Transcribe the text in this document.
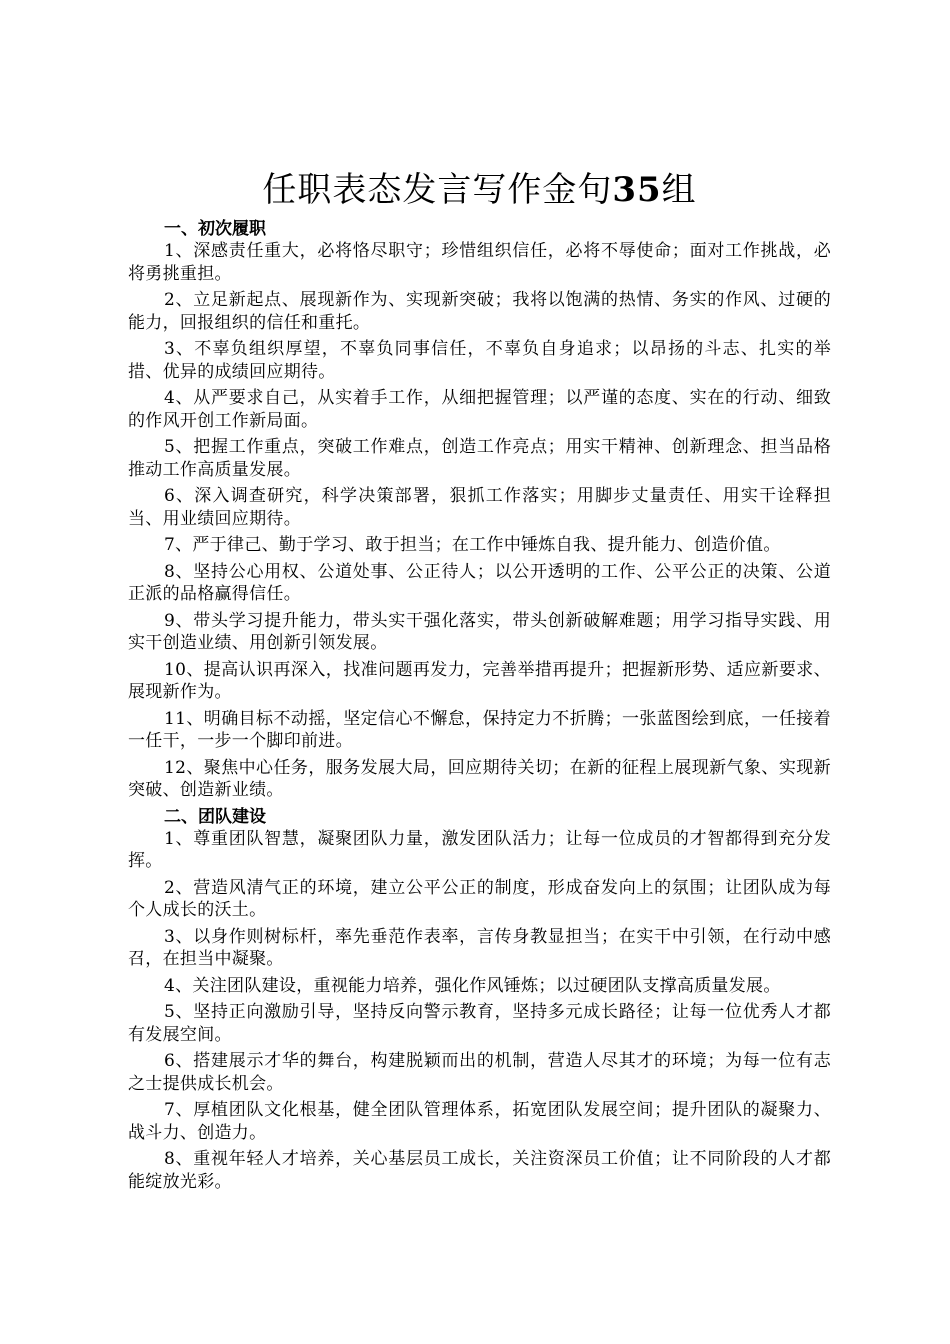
任职表态发言写作金句35组
一、初次履职

1、深感责任重大，必将恪尽职守；珍惜组织信任，必将不辱使命；面对工作挑战，必将勇挑重担。

2、立足新起点、展现新作为、实现新突破；我将以饱满的热情、务实的作风、过硬的能力，回报组织的信任和重托。

3、不辜负组织厚望，不辜负同事信任，不辜负自身追求；以昂扬的斗志、扎实的举措、优异的成绩回应期待。

4、从严要求自己，从实着手工作，从细把握管理；以严谨的态度、实在的行动、细致的作风开创工作新局面。

5、把握工作重点，突破工作难点，创造工作亮点；用实干精神、创新理念、担当品格推动工作高质量发展。

6、深入调查研究，科学决策部署，狠抓工作落实；用脚步丈量责任、用实干诠释担当、用业绩回应期待。

7、严于律己、勤于学习、敢于担当；在工作中锤炼自我、提升能力、创造价值。

8、坚持公心用权、公道处事、公正待人；以公开透明的工作、公平公正的决策、公道正派的品格赢得信任。

9、带头学习提升能力，带头实干强化落实，带头创新破解难题；用学习指导实践、用实干创造业绩、用创新引领发展。

10、提高认识再深入，找准问题再发力，完善举措再提升；把握新形势、适应新要求、展现新作为。

11、明确目标不动摇，坚定信心不懈怠，保持定力不折腾；一张蓝图绘到底，一任接着一任干，一步一个脚印前进。

12、聚焦中心任务，服务发展大局，回应期待关切；在新的征程上展现新气象、实现新突破、创造新业绩。

二、团队建设

1、尊重团队智慧，凝聚团队力量，激发团队活力；让每一位成员的才智都得到充分发挥。

2、营造风清气正的环境，建立公平公正的制度，形成奋发向上的氛围；让团队成为每个人成长的沃土。

3、以身作则树标杆，率先垂范作表率，言传身教显担当；在实干中引领，在行动中感召，在担当中凝聚。

4、关注团队建设，重视能力培养，强化作风锤炼；以过硬团队支撑高质量发展。

5、坚持正向激励引导，坚持反向警示教育，坚持多元成长路径；让每一位优秀人才都有发展空间。

6、搭建展示才华的舞台，构建脱颖而出的机制，营造人尽其才的环境；为每一位有志之士提供成长机会。

7、厚植团队文化根基，健全团队管理体系，拓宽团队发展空间；提升团队的凝聚力、战斗力、创造力。

8、重视年轻人才培养，关心基层员工成长，关注资深员工价值；让不同阶段的人才都能绽放光彩。
